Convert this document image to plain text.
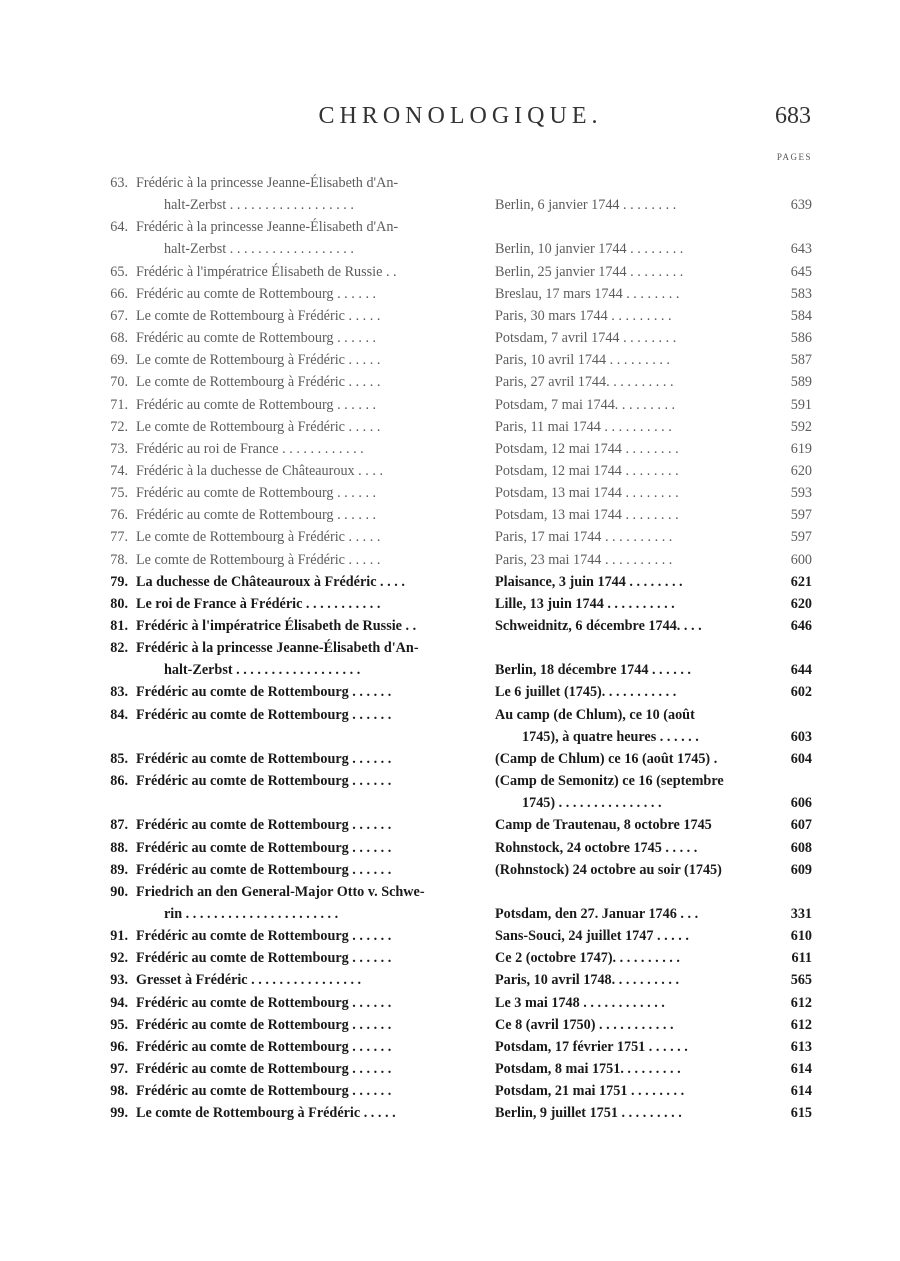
CHRONOLOGIQUE.	683
PAGES
63. Frédéric à la princesse Jeanne-Élisabeth d'An-
halt-Zerbst . . . . . . . . . . . . . . . . . .	Berlin, 6 janvier 1744 . . . . . . . .	639
64. Frédéric à la princesse Jeanne-Élisabeth d'An-
halt-Zerbst . . . . . . . . . . . . . . . . . .	Berlin, 10 janvier 1744 . . . . . . . .	643
65. Frédéric à l'impératrice Élisabeth de Russie . .	Berlin, 25 janvier 1744 . . . . . . . .	645
66. Frédéric au comte de Rottembourg . . . . . .	Breslau, 17 mars 1744 . . . . . . . .	583
67. Le comte de Rottembourg à Frédéric . . . . .	Paris, 30 mars 1744 . . . . . . . . .	584
68. Frédéric au comte de Rottembourg . . . . . .	Potsdam, 7 avril 1744 . . . . . . . .	586
69. Le comte de Rottembourg à Frédéric . . . . .	Paris, 10 avril 1744 . . . . . . . . .	587
70. Le comte de Rottembourg à Frédéric . . . . .	Paris, 27 avril 1744. . . . . . . . . .	589
71. Frédéric au comte de Rottembourg . . . . . .	Potsdam, 7 mai 1744. . . . . . . . .	591
72. Le comte de Rottembourg à Frédéric . . . . .	Paris, 11 mai 1744 . . . . . . . . . .	592
73. Frédéric au roi de France . . . . . . . . . . . .	Potsdam, 12 mai 1744 . . . . . . . .	619
74. Frédéric à la duchesse de Châteauroux . . . .	Potsdam, 12 mai 1744 . . . . . . . .	620
75. Frédéric au comte de Rottembourg . . . . . .	Potsdam, 13 mai 1744 . . . . . . . .	593
76. Frédéric au comte de Rottembourg . . . . . .	Potsdam, 13 mai 1744 . . . . . . . .	597
77. Le comte de Rottembourg à Frédéric . . . . .	Paris, 17 mai 1744 . . . . . . . . . .	597
78. Le comte de Rottembourg à Frédéric . . . . .	Paris, 23 mai 1744 . . . . . . . . . .	600
79. La duchesse de Châteauroux à Frédéric . . . .	Plaisance, 3 juin 1744 . . . . . . . .	621
80. Le roi de France à Frédéric . . . . . . . . . . .	Lille, 13 juin 1744 . . . . . . . . . .	620
81. Frédéric à l'impératrice Élisabeth de Russie . .	Schweidnitz, 6 décembre 1744. . . .	646
82. Frédéric à la princesse Jeanne-Élisabeth d'An-
halt-Zerbst . . . . . . . . . . . . . . . . . .	Berlin, 18 décembre 1744 . . . . . .	644
83. Frédéric au comte de Rottembourg . . . . . .	Le 6 juillet (1745). . . . . . . . . . .	602
84. Frédéric au comte de Rottembourg . . . . . .	Au camp (de Chlum), ce 10 (août
1745), à quatre heures . . . . . .	603
85. Frédéric au comte de Rottembourg . . . . . .	(Camp de Chlum) ce 16 (août 1745) .	604
86. Frédéric au comte de Rottembourg . . . . . .	(Camp de Semonitz) ce 16 (septembre
1745) . . . . . . . . . . . . . . .	606
87. Frédéric au comte de Rottembourg . . . . . .	Camp de Trautenau, 8 octobre 1745	607
88. Frédéric au comte de Rottembourg . . . . . .	Rohnstock, 24 octobre 1745 . . . . .	608
89. Frédéric au comte de Rottembourg . . . . . .	(Rohnstock) 24 octobre au soir (1745)	609
90. Friedrich an den General-Major Otto v. Schwe-
rin . . . . . . . . . . . . . . . . . . . . . .	Potsdam, den 27. Januar 1746 . . .	331
91. Frédéric au comte de Rottembourg . . . . . .	Sans-Souci, 24 juillet 1747 . . . . .	610
92. Frédéric au comte de Rottembourg . . . . . .	Ce 2 (octobre 1747). . . . . . . . . .	611
93. Gresset à Frédéric . . . . . . . . . . . . . . . .	Paris, 10 avril 1748. . . . . . . . . .	565
94. Frédéric au comte de Rottembourg . . . . . .	Le 3 mai 1748 . . . . . . . . . . . .	612
95. Frédéric au comte de Rottembourg . . . . . .	Ce 8 (avril 1750) . . . . . . . . . . .	612
96. Frédéric au comte de Rottembourg . . . . . .	Potsdam, 17 février 1751 . . . . . .	613
97. Frédéric au comte de Rottembourg . . . . . .	Potsdam, 8 mai 1751. . . . . . . . .	614
98. Frédéric au comte de Rottembourg . . . . . .	Potsdam, 21 mai 1751 . . . . . . . .	614
99. Le comte de Rottembourg à Frédéric . . . . .	Berlin, 9 juillet 1751 . . . . . . . . .	615
